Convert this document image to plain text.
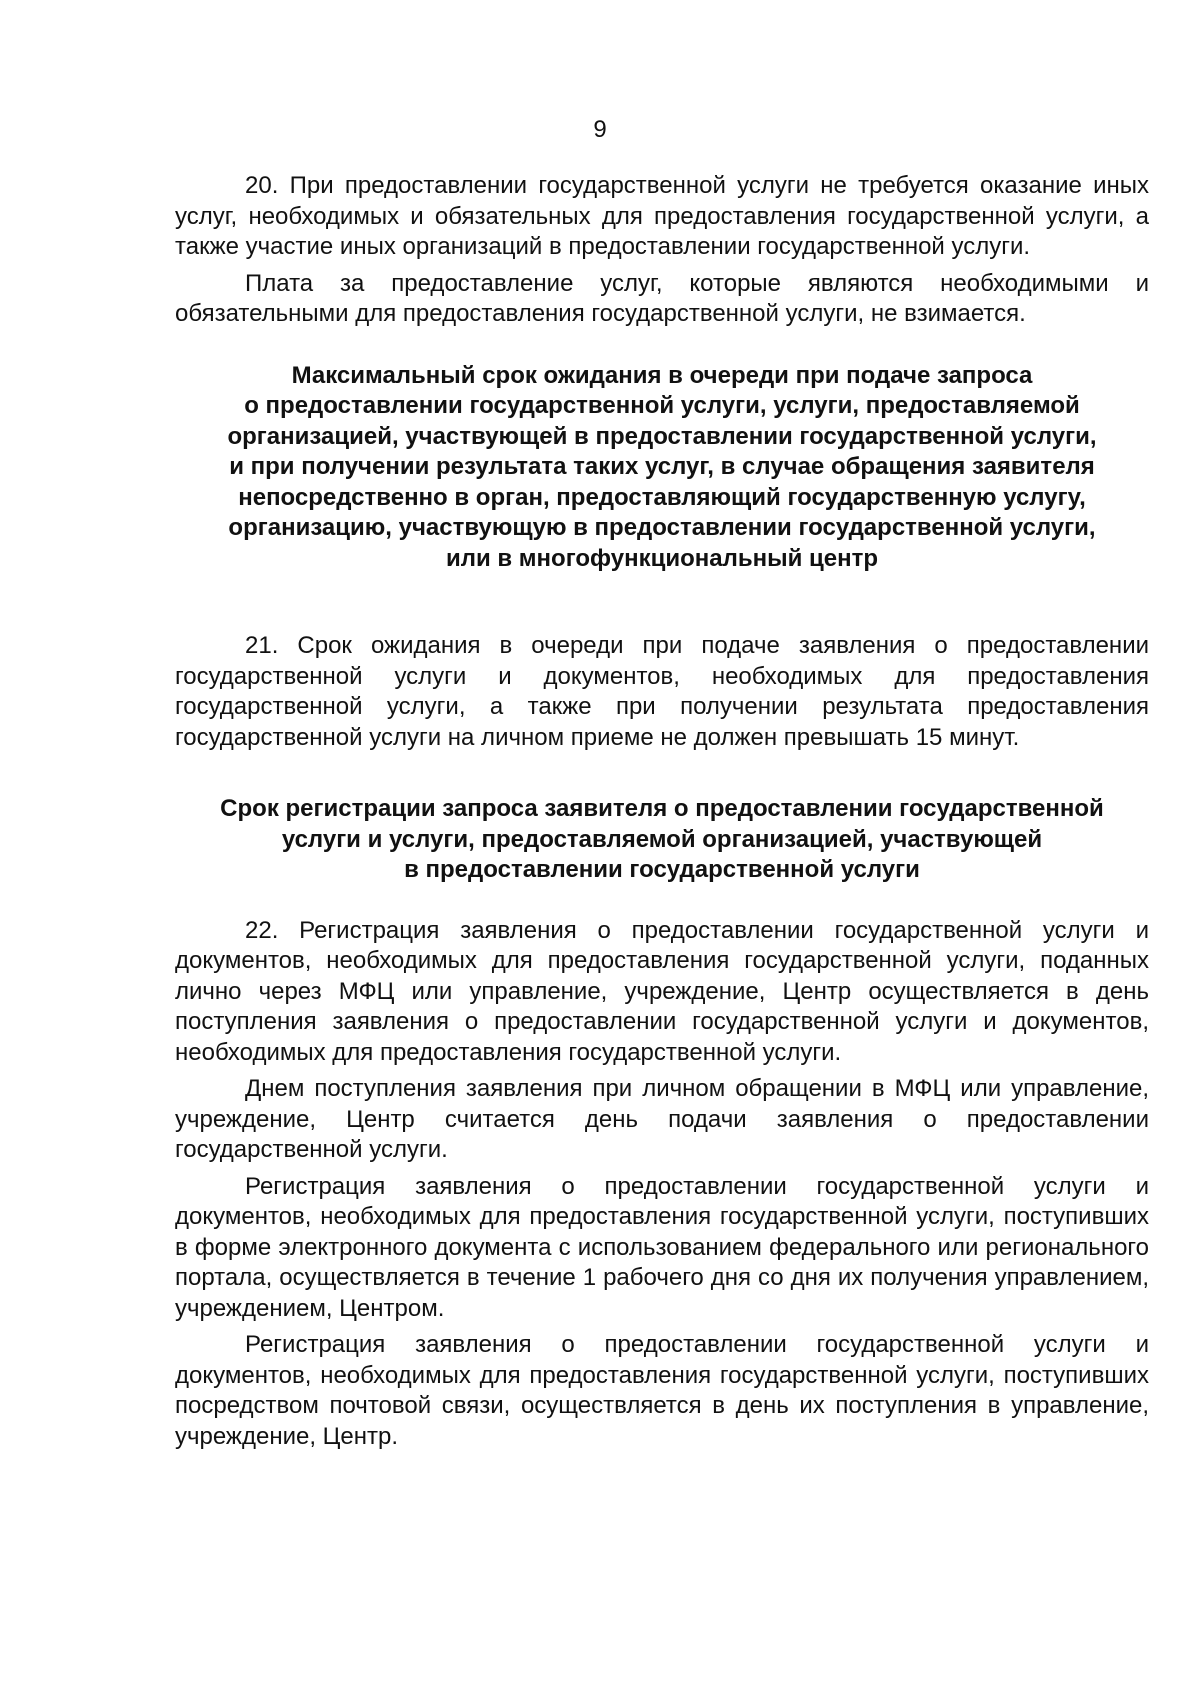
9

20. При предоставлении государственной услуги не требуется оказание иных услуг, необходимых и обязательных для предоставления государственной услуги, а также участие иных организаций в предоставлении государственной услуги.

Плата за предоставление услуг, которые являются необходимыми и обязательными для предоставления государственной услуги, не взимается.

Максимальный срок ожидания в очереди при подаче запроса
о предоставлении государственной услуги, услуги, предоставляемой
организацией, участвующей в предоставлении государственной услуги,
и при получении результата таких услуг, в случае обращения заявителя
непосредственно в орган, предоставляющий государственную услугу,
организацию, участвующую в предоставлении государственной услуги,
или в многофункциональный центр

21. Срок ожидания в очереди при подаче заявления о предоставлении государственной услуги и документов, необходимых для предоставления государственной услуги, а также при получении результата предоставления государственной услуги на личном приеме не должен превышать 15 минут.

Срок регистрации запроса заявителя о предоставлении государственной
услуги и услуги, предоставляемой организацией, участвующей
в предоставлении государственной услуги

22. Регистрация заявления о предоставлении государственной услуги и документов, необходимых для предоставления государственной услуги, поданных лично через МФЦ или управление, учреждение, Центр осуществляется в день поступления заявления о предоставлении государственной услуги и документов, необходимых для предоставления государственной услуги.

Днем поступления заявления при личном обращении в МФЦ или управление, учреждение, Центр считается день подачи заявления о предоставлении государственной услуги.

Регистрация заявления о предоставлении государственной услуги и документов, необходимых для предоставления государственной услуги, поступивших в форме электронного документа с использованием федерального или регионального портала, осуществляется в течение 1 рабочего дня со дня их получения управлением, учреждением, Центром.

Регистрация заявления о предоставлении государственной услуги и документов, необходимых для предоставления государственной услуги, поступивших посредством почтовой связи, осуществляется в день их поступления в управление, учреждение, Центр.
